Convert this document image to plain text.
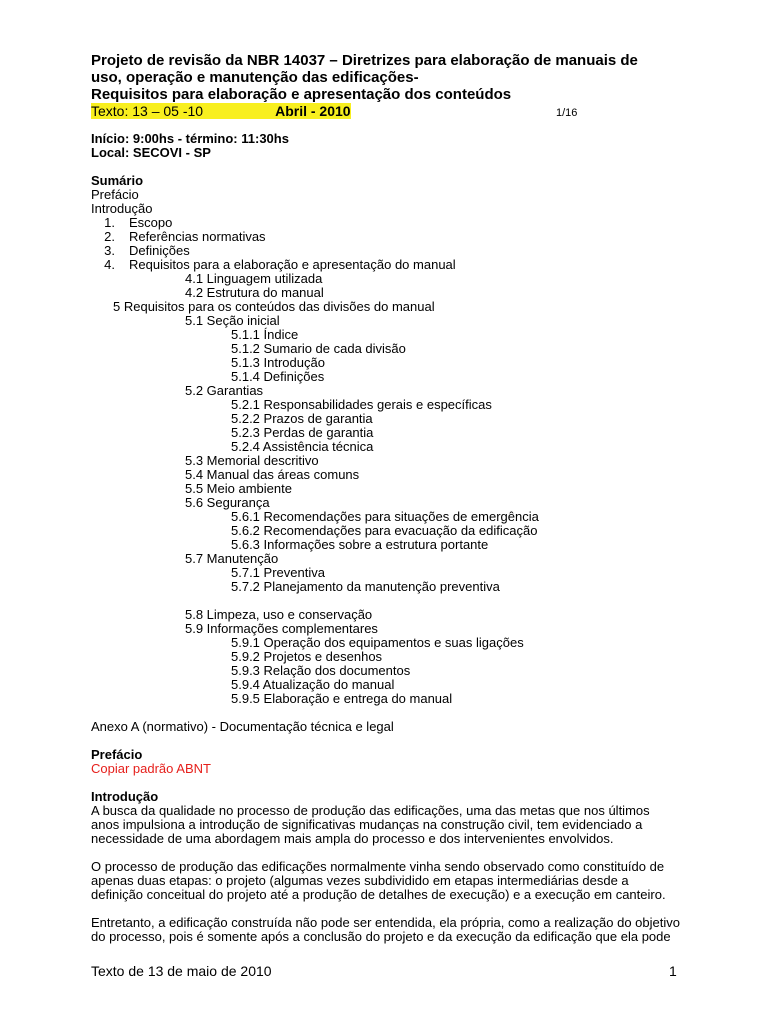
Projeto de revisão da NBR 14037 – Diretrizes para elaboração de manuais de
uso, operação e manutenção das edificações-
Requisitos para elaboração e apresentação dos conteúdos
Texto: 13 – 05 -10	Abril - 2010	1/16
Início: 9:00hs - término: 11:30hs
Local: SECOVI - SP
Sumário
Prefácio
Introdução
1.	Escopo
2.	Referências normativas
3.	Definições
4.	Requisitos para a elaboração e apresentação do manual
4.1 Linguagem utilizada
4.2 Estrutura do manual
5 Requisitos para os conteúdos das divisões do manual
5.1 Seção inicial
5.1.1 Índice
5.1.2 Sumario de cada divisão
5.1.3 Introdução
5.1.4 Definições
5.2 Garantias
5.2.1 Responsabilidades gerais e específicas
5.2.2 Prazos de garantia
5.2.3 Perdas de garantia
5.2.4 Assistência técnica
5.3 Memorial descritivo
5.4 Manual das áreas comuns
5.5 Meio ambiente
5.6 Segurança
5.6.1 Recomendações para situações de emergência
5.6.2 Recomendações para evacuação da edificação
5.6.3 Informações sobre a estrutura portante
5.7 Manutenção
5.7.1 Preventiva
5.7.2 Planejamento da manutenção preventiva
5.8 Limpeza, uso e conservação
5.9 Informações complementares
5.9.1 Operação dos equipamentos e suas ligações
5.9.2 Projetos e desenhos
5.9.3 Relação dos documentos
5.9.4 Atualização do manual
5.9.5 Elaboração e entrega do manual
Anexo A (normativo) - Documentação técnica e legal
Prefácio
Copiar padrão ABNT
Introdução
A busca da qualidade no processo de produção das edificações, uma das metas que nos últimos
anos impulsiona a introdução de significativas mudanças na construção civil, tem evidenciado a
necessidade de uma abordagem mais ampla do processo e dos intervenientes envolvidos.
O processo de produção das edificações normalmente vinha sendo observado como constituído de
apenas duas etapas: o projeto (algumas vezes subdividido em etapas intermediárias desde a
definição conceitual do projeto até a produção de detalhes de execução) e a execução em canteiro.
Entretanto, a edificação construída não pode ser entendida, ela própria, como a realização do objetivo
do processo, pois é somente após a conclusão do projeto e da execução da edificação que ela pode
Texto de 13 de maio de 2010	1
